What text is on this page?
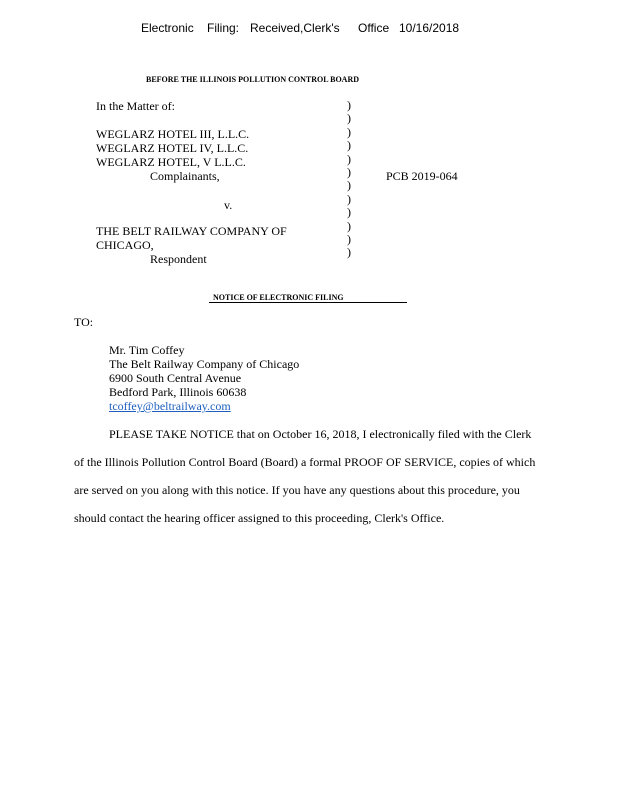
Electronic Filing: Received,Clerk's Office 10/16/2018
BEFORE THE ILLINOIS POLLUTION CONTROL BOARD
In the Matter of:
WEGLARZ HOTEL III, L.L.C.
WEGLARZ HOTEL IV, L.L.C.
WEGLARZ HOTEL, V L.L.C.
Complainants,	PCB 2019-064
v.
THE BELT RAILWAY COMPANY OF
CHICAGO,
Respondent
)
)
)
)
)
)
)
)
)
)
)
)

NOTICE OF ELECTRONIC FILING

TO:
Mr. Tim Coffey
The Belt Railway Company of Chicago
6900 South Central Avenue
Bedford Park, Illinois 60638
tcoffey@beltrailway.com
PLEASE TAKE NOTICE that on October 16, 2018, I electronically filed with the Clerk
of the Illinois Pollution Control Board (Board) a formal PROOF OF SERVICE, copies of which
are served on you along with this notice. If you have any questions about this procedure, you
should contact the hearing officer assigned to this proceeding, Clerk's Office.
